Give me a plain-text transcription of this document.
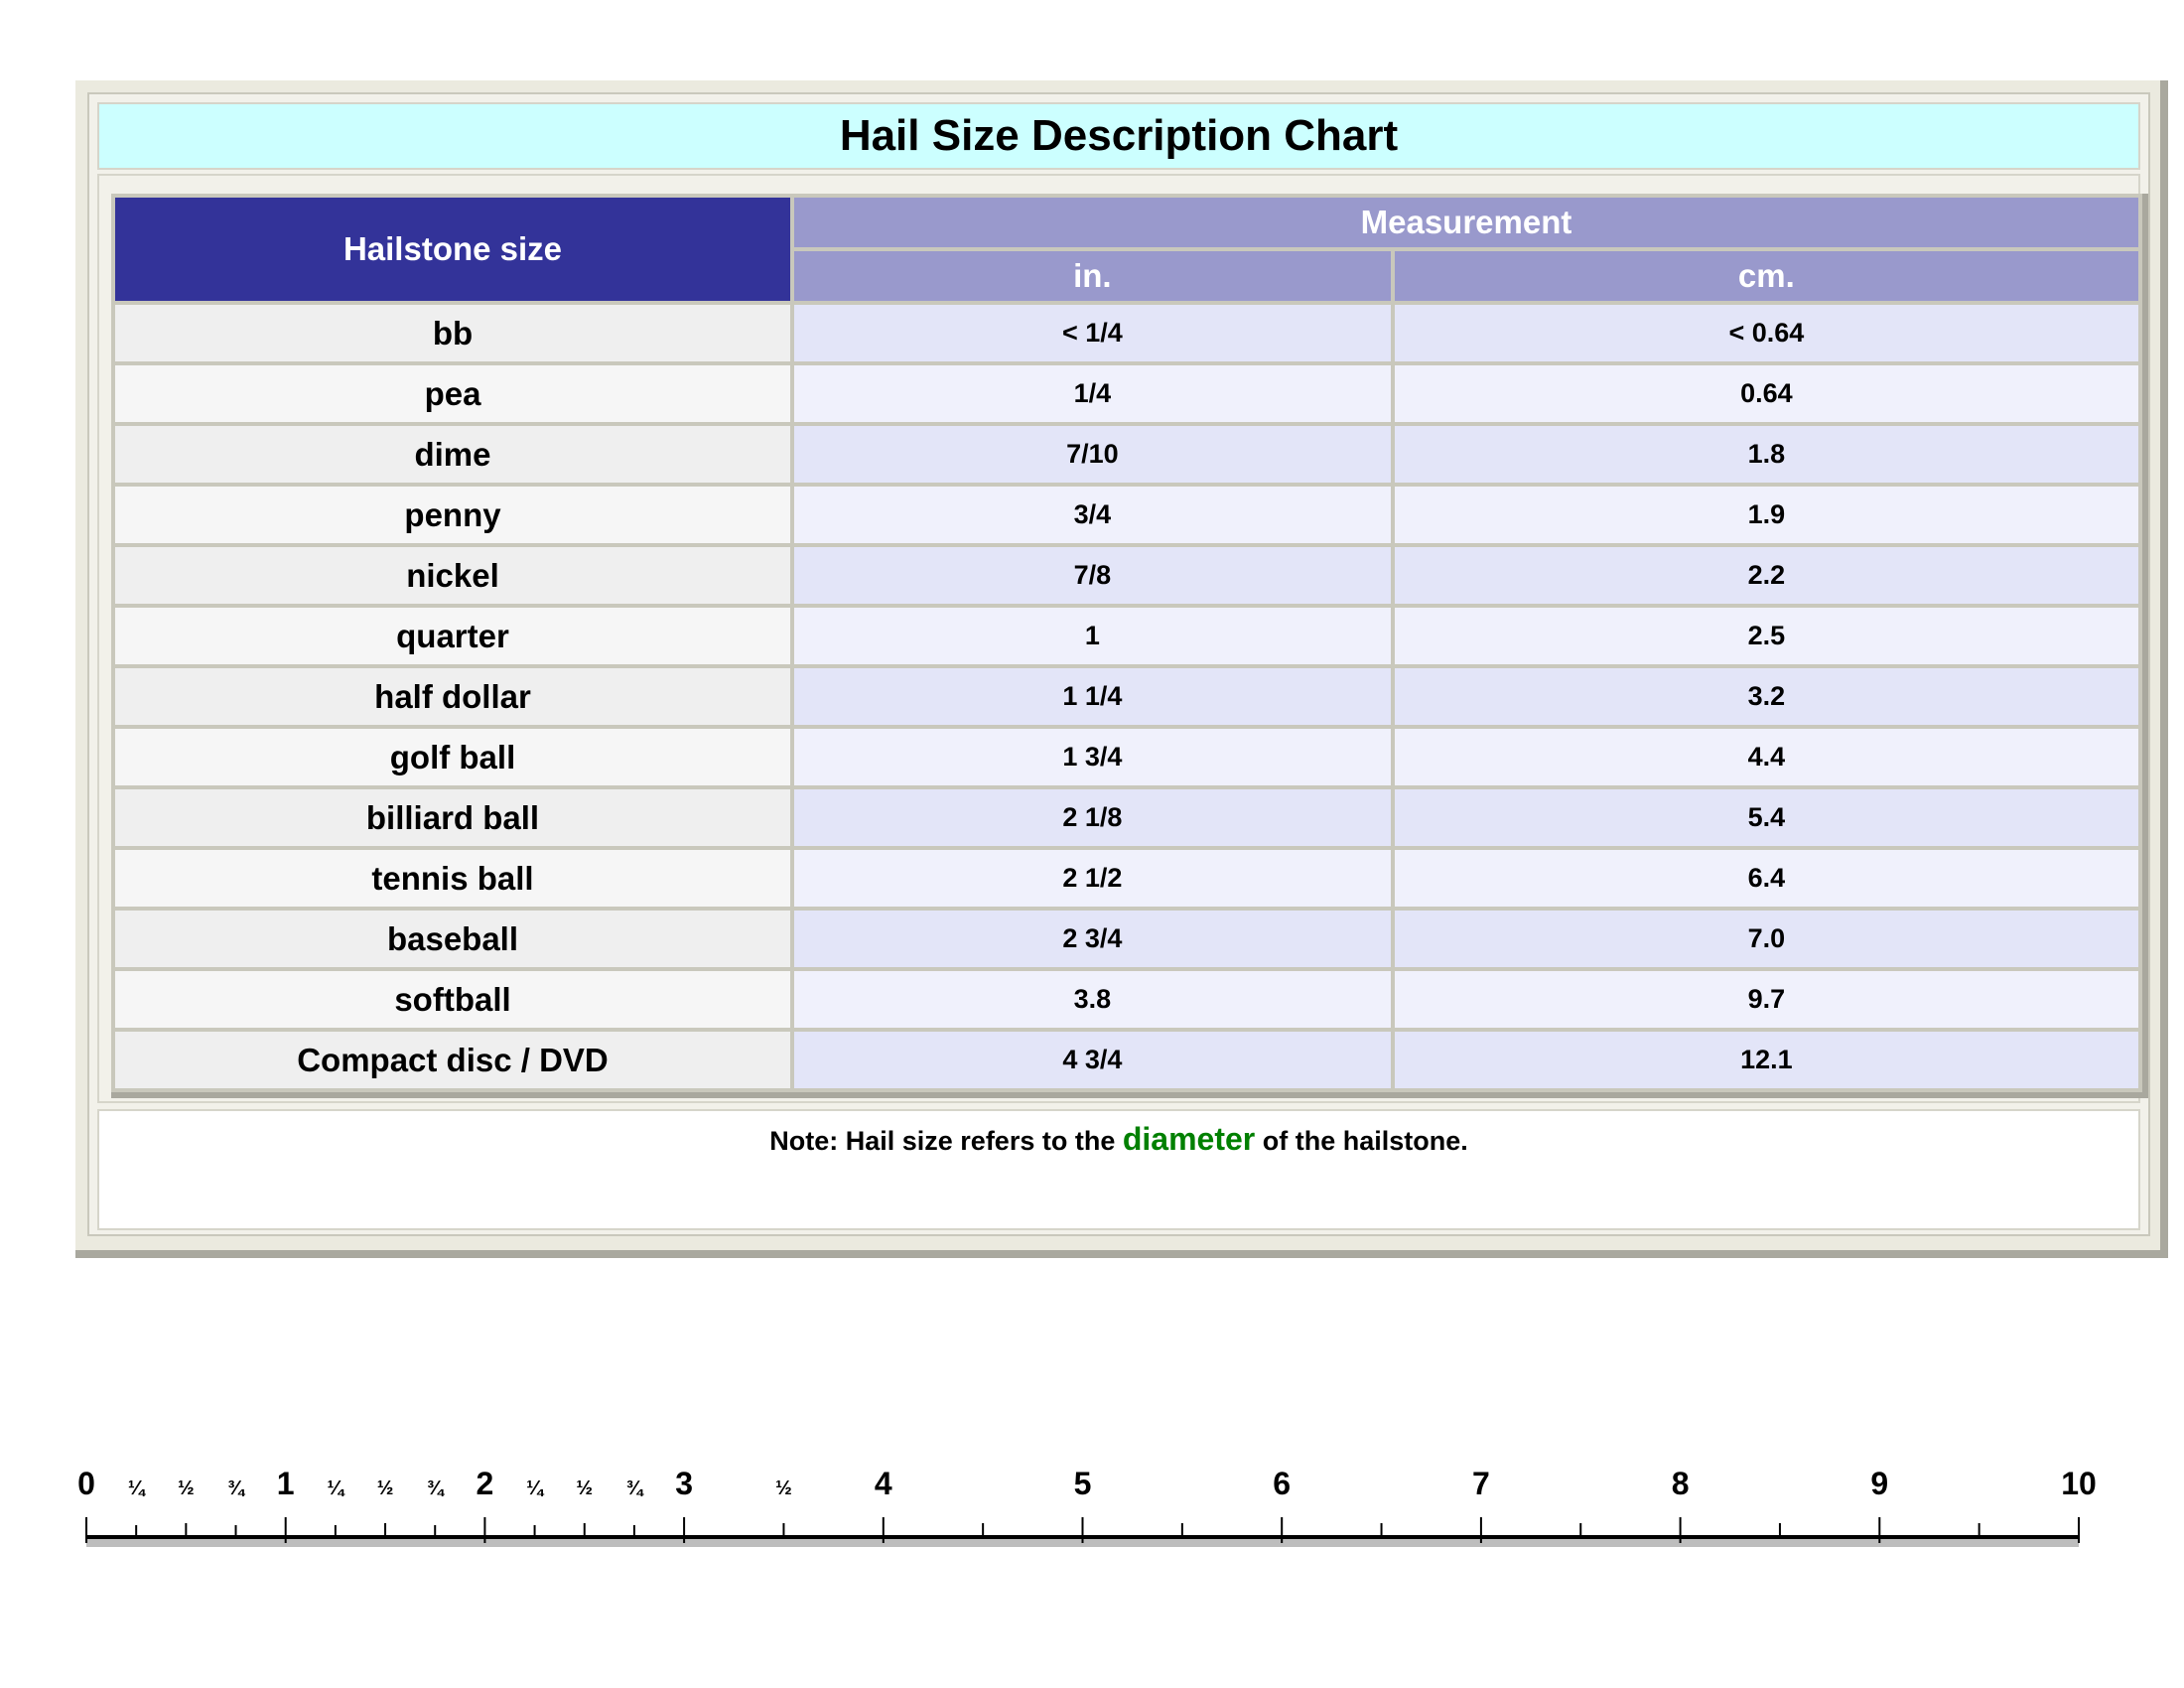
Hail Size Description Chart
Hailstone size	Measurement	
	in.	cm.
bb	< 1/4	< 0.64
pea	1/4	0.64
dime	7/10	1.8
penny	3/4	1.9
nickel	7/8	2.2
quarter	1	2.5
half dollar	1 1/4	3.2
golf ball	1 3/4	4.4
billiard ball	2 1/8	5.4
tennis ball	2 1/2	6.4
baseball	2 3/4	7.0
softball	3.8	9.7
Compact disc / DVD	4 3/4	12.1
Note: Hail size refers to the diameter of the hailstone.
0	1	2	3	4	5	6	7	8	9	10
¼ ½ ¾	¼ ½ ¾	¼ ½ ¾	½
